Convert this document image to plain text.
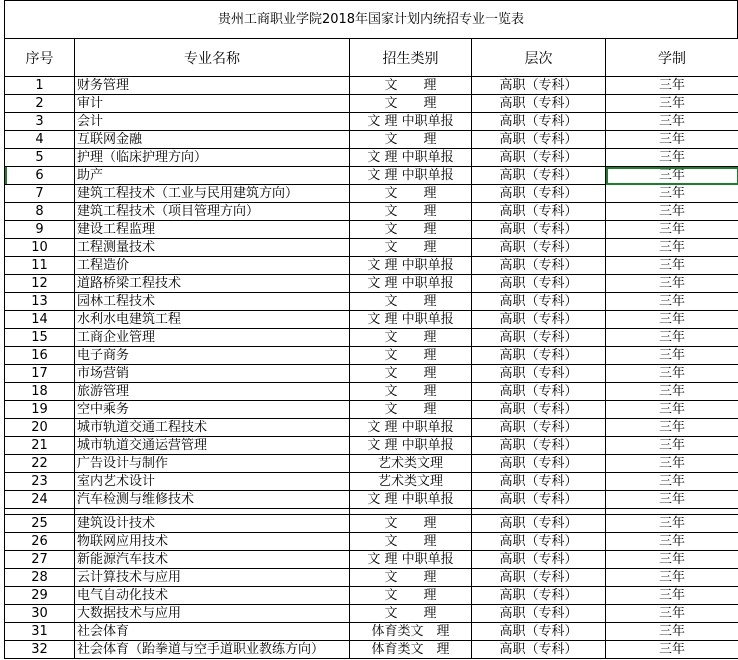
贵州工商职业学院2018年国家计划内统招专业一览表
序号	专业名称	招生类别	层次	学制
1	财务管理	文　　理	高职（专科）	三年
2	审计	文　　理	高职（专科）	三年
3	会计	文 理 中职单报	高职（专科）	三年
4	互联网金融	文　　理	高职（专科）	三年
5	护理（临床护理方向）	文 理 中职单报	高职（专科）	三年
6	助产	文 理 中职单报	高职（专科）	三年
7	建筑工程技术（工业与民用建筑方向）	文　　理	高职（专科）	三年
8	建筑工程技术（项目管理方向）	文　　理	高职（专科）	三年
9	建设工程监理	文　　理	高职（专科）	三年
10	工程测量技术	文　　理	高职（专科）	三年
11	工程造价	文 理 中职单报	高职（专科）	三年
12	道路桥梁工程技术	文 理 中职单报	高职（专科）	三年
13	园林工程技术	文　　理	高职（专科）	三年
14	水利水电建筑工程	文 理 中职单报	高职（专科）	三年
15	工商企业管理	文　　理	高职（专科）	三年
16	电子商务	文　　理	高职（专科）	三年
17	市场营销	文　　理	高职（专科）	三年
18	旅游管理	文　　理	高职（专科）	三年
19	空中乘务	文　　理	高职（专科）	三年
20	城市轨道交通工程技术	文 理 中职单报	高职（专科）	三年
21	城市轨道交通运营管理	文 理 中职单报	高职（专科）	三年
22	广告设计与制作	艺术类文理	高职（专科）	三年
23	室内艺术设计	艺术类文理	高职（专科）	三年
24	汽车检测与维修技术	文 理 中职单报	高职（专科）	三年

25	建筑设计技术	文　　理	高职（专科）	三年
26	物联网应用技术	文　　理	高职（专科）	三年
27	新能源汽车技术	文 理 中职单报	高职（专科）	三年
28	云计算技术与应用	文　　理	高职（专科）	三年
29	电气自动化技术	文　　理	高职（专科）	三年
30	大数据技术与应用	文　　理	高职（专科）	三年
31	社会体育	体育类文　理	高职（专科）	三年
32	社会体育（跆拳道与空手道职业教练方向）	体育类文　理	高职（专科）	三年
